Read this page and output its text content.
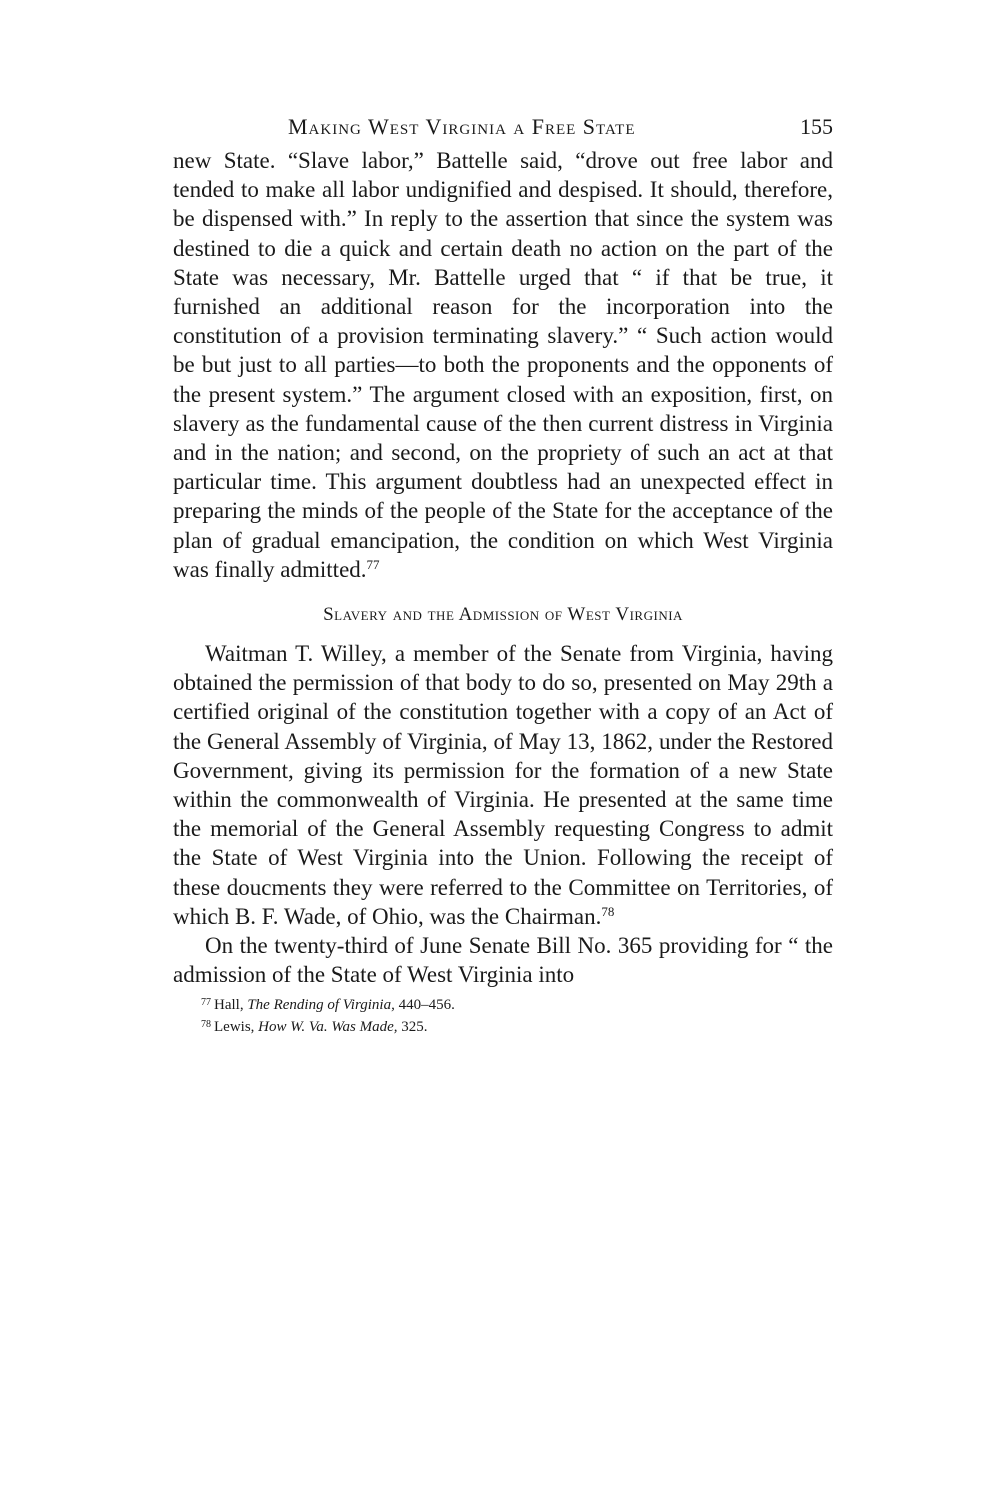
Making West Virginia a Free State	155

new State. “Slave labor,” Battelle said, “drove out free labor and tended to make all labor undignified and despised. It should, therefore, be dispensed with.” In reply to the assertion that since the system was destined to die a quick and certain death no action on the part of the State was necessary, Mr. Battelle urged that “ if that be true, it furnished an additional reason for the incorporation into the constitution of a provision terminating slavery.” “ Such action would be but just to all parties—to both the proponents and the opponents of the present system.” The argument closed with an exposition, first, on slavery as the fundamental cause of the then current distress in Virginia and in the nation; and second, on the propriety of such an act at that particular time. This argument doubtless had an unexpected effect in preparing the minds of the people of the State for the acceptance of the plan of gradual emancipation, the condition on which West Virginia was finally admitted.$^{77}$

Slavery and the Admission of West Virginia

Waitman T. Willey, a member of the Senate from Virginia, having obtained the permission of that body to do so, presented on May 29th a certified original of the constitution together with a copy of an Act of the General Assembly of Virginia, of May 13, 1862, under the Restored Government, giving its permission for the formation of a new State within the commonwealth of Virginia. He presented at the same time the memorial of the General Assembly requesting Congress to admit the State of West Virginia into the Union. Following the receipt of these doucments they were referred to the Committee on Territories, of which B. F. Wade, of Ohio, was the Chairman.$^{78}$

On the twenty-third of June Senate Bill No. 365 providing for “ the admission of the State of West Virginia into

$^{77}$ Hall, The Rending of Virginia, 440–456.
$^{78}$ Lewis, How W. Va. Was Made, 325.
